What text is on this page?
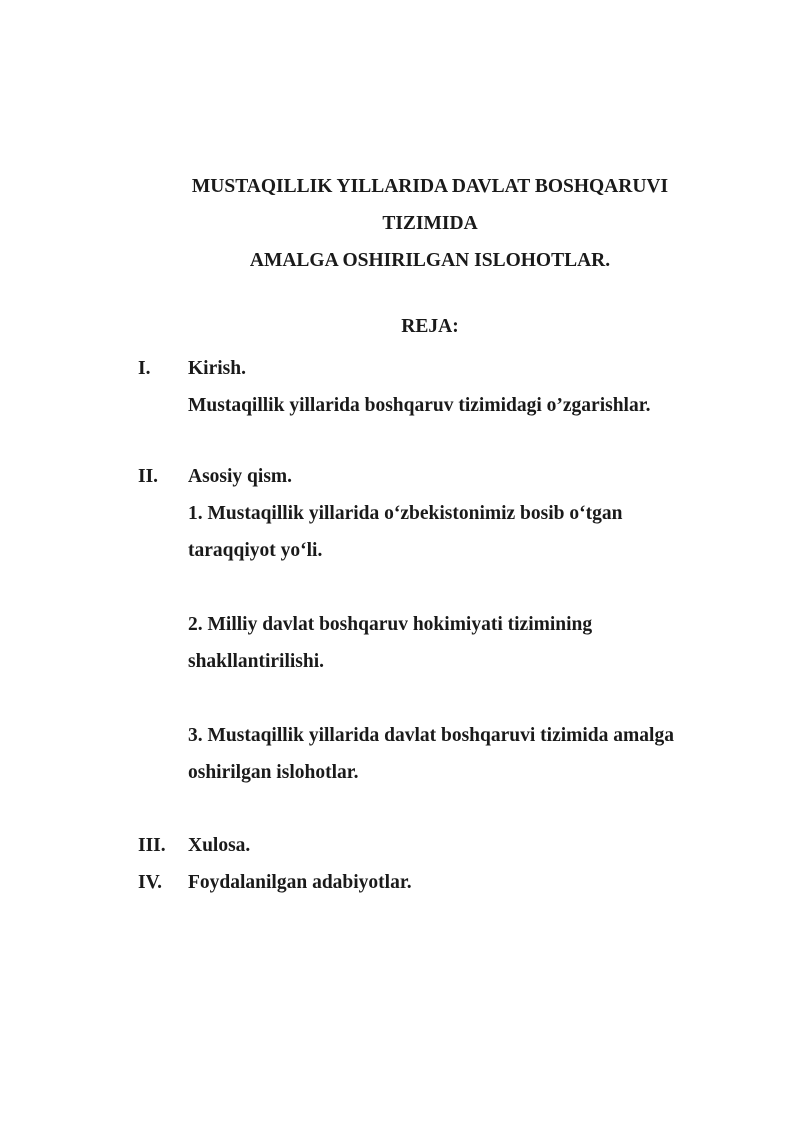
MUSTAQILLIK YILLARIDA DAVLAT BOSHQARUVI
TIZIMIDA
AMALGA OSHIRILGAN ISLOHOTLAR.
REJA:
I. Kirish.
Mustaqillik yillarida boshqaruv tizimidagi o’zgarishlar.
II. Asosiy qism.
1. Mustaqillik yillarida o‘zbekistonimiz bosib o‘tgan
taraqqiyot yo‘li.
2. Milliy davlat boshqaruv hokimiyati tizimining
shakllantirilishi.
3. Mustaqillik yillarida davlat boshqaruvi tizimida amalga
oshirilgan islohotlar.
III. Xulosa.
IV. Foydalanilgan adabiyotlar.
